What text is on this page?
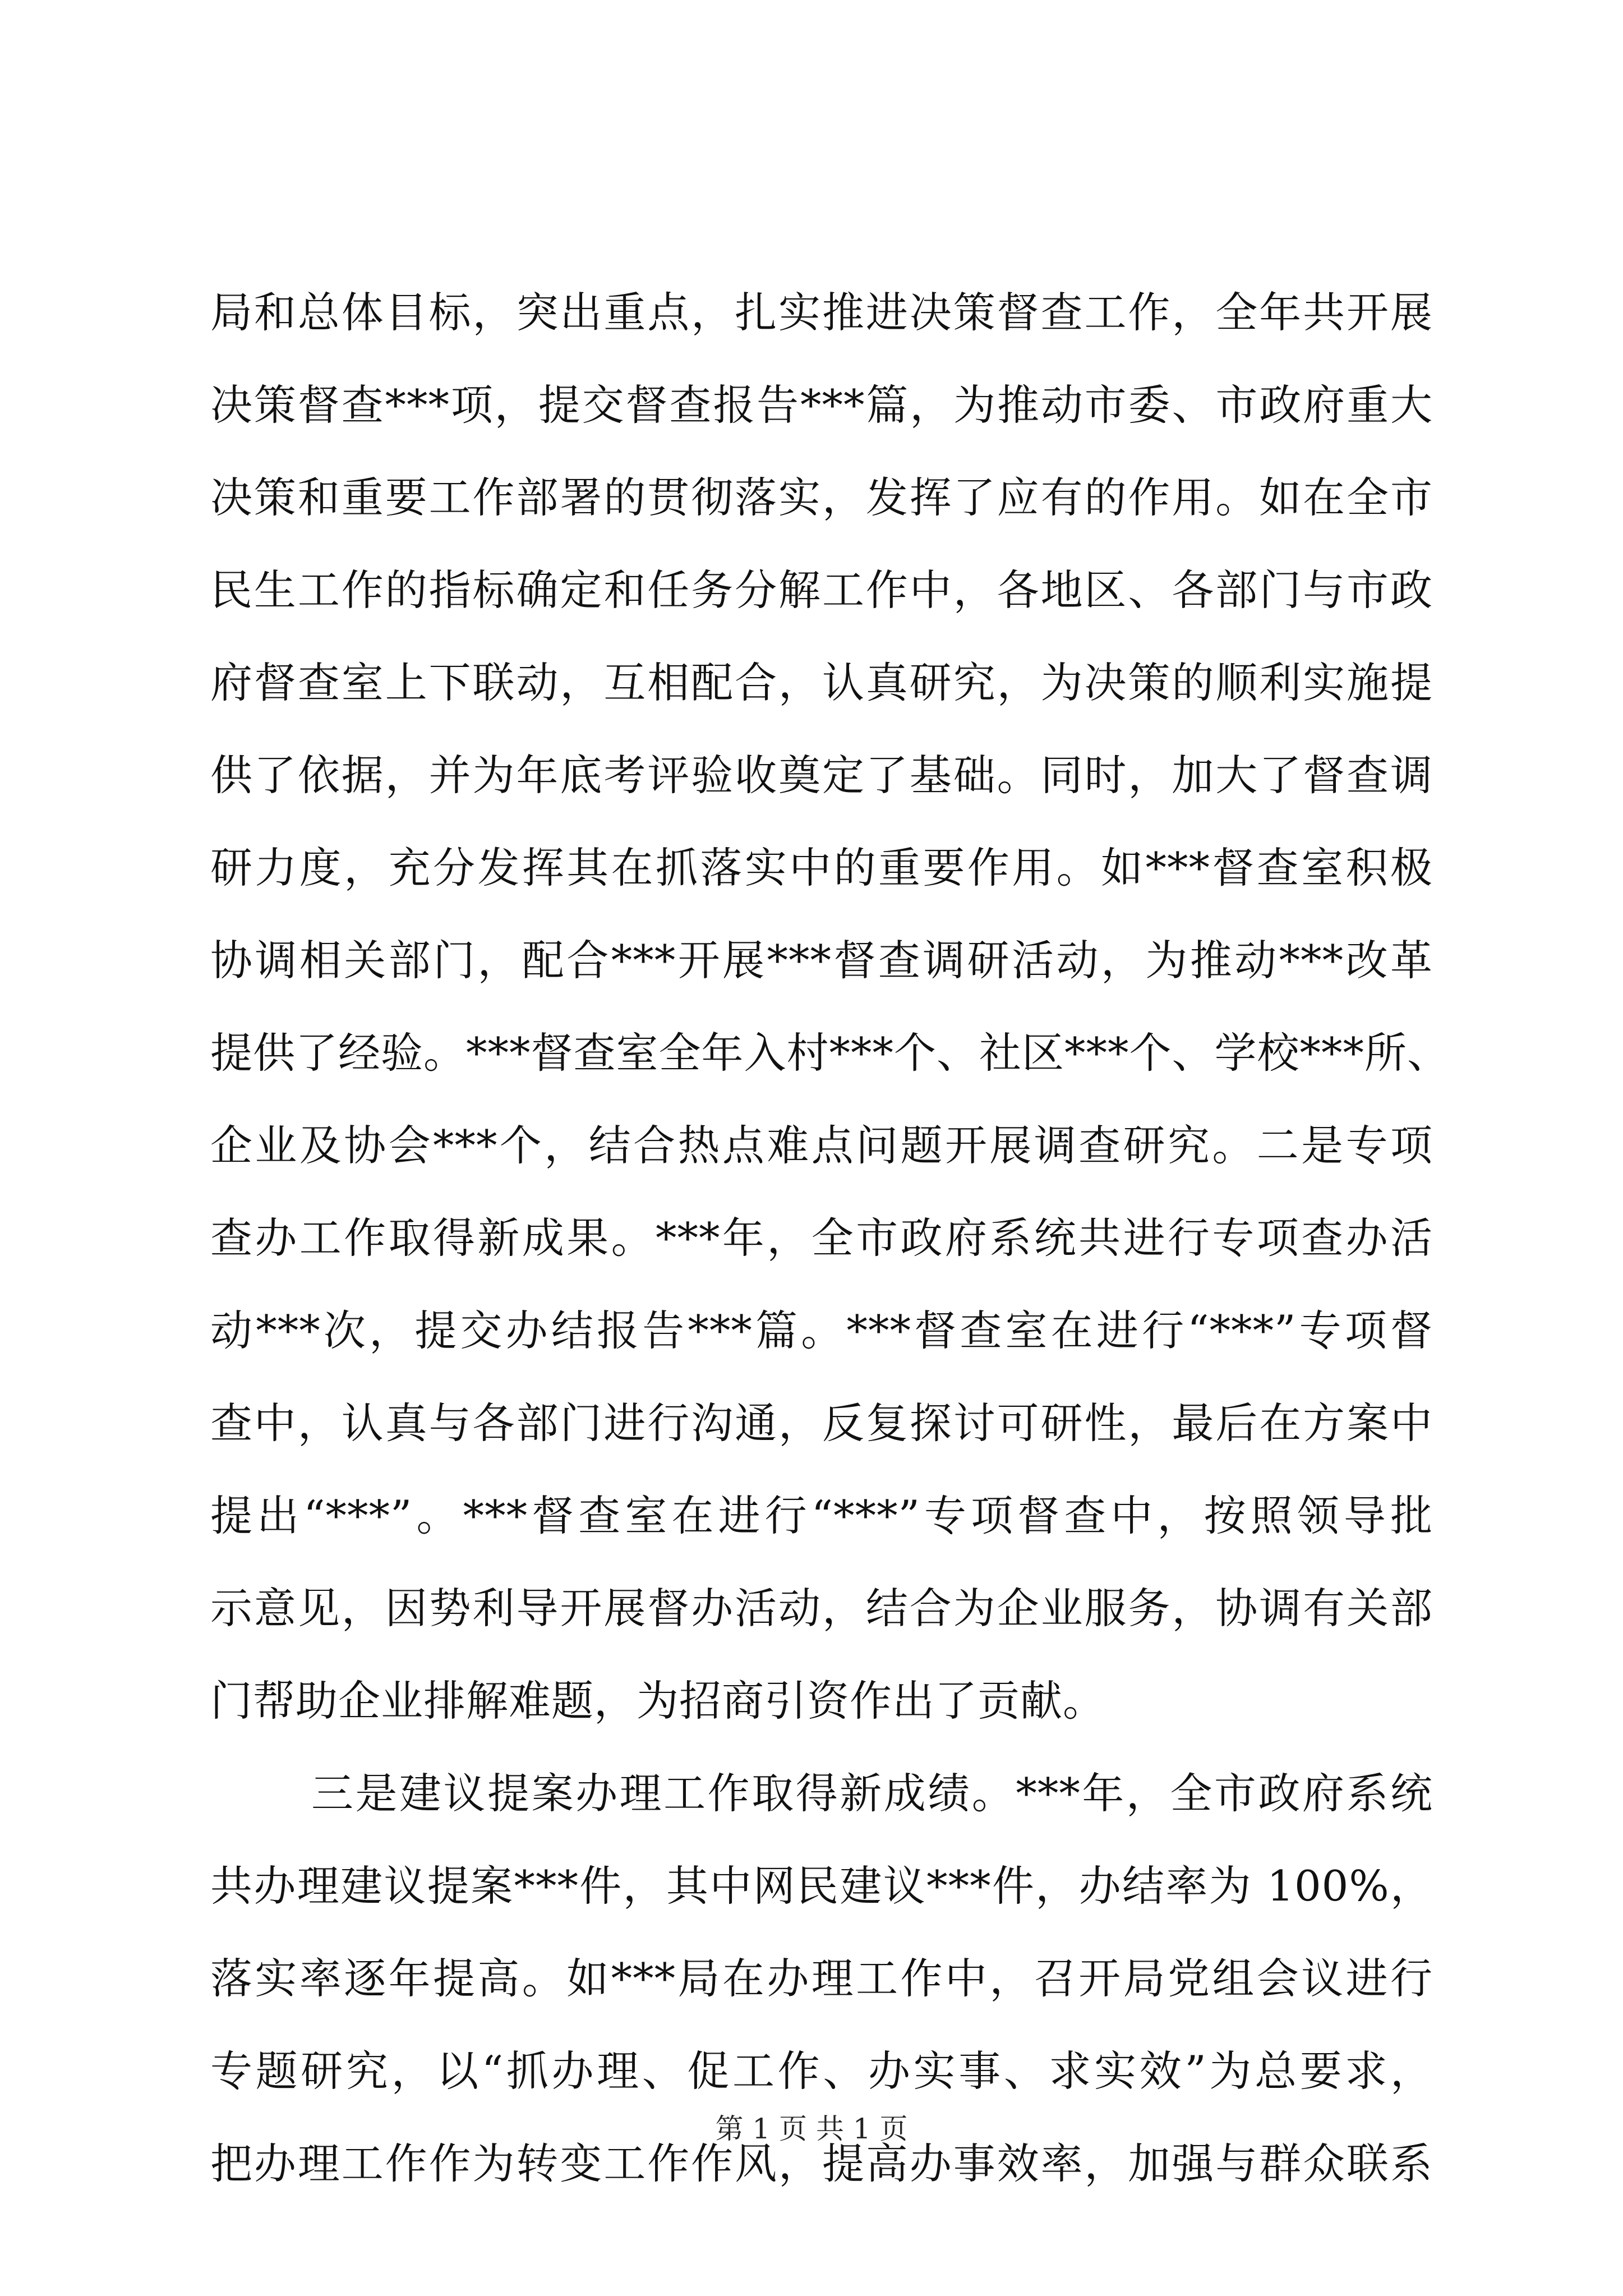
局和总体目标，突出重点，扎实推进决策督查工作，全年共开展
决策督查***项，提交督查报告***篇，为推动市委、市政府重大
决策和重要工作部署的贯彻落实，发挥了应有的作用。如在全市
民生工作的指标确定和任务分解工作中，各地区、各部门与市政
府督查室上下联动，互相配合，认真研究，为决策的顺利实施提
供了依据，并为年底考评验收奠定了基础。同时，加大了督查调
研力度，充分发挥其在抓落实中的重要作用。如***督查室积极
协调相关部门，配合***开展***督查调研活动，为推动***改革
提供了经验。***督查室全年入村***个、社区***个、学校***所、
企业及协会***个，结合热点难点问题开展调查研究。二是专项
查办工作取得新成果。***年，全市政府系统共进行专项查办活
动***次，提交办结报告***篇。***督查室在进行“***”专项督
查中，认真与各部门进行沟通，反复探讨可研性，最后在方案中
提出“***”。***督查室在进行“***”专项督查中，按照领导批
示意见，因势利导开展督办活动，结合为企业服务，协调有关部
门帮助企业排解难题，为招商引资作出了贡献。
三是建议提案办理工作取得新成绩。***年，全市政府系统
共办理建议提案***件，其中网民建议***件，办结率为 100%，
落实率逐年提高。如***局在办理工作中，召开局党组会议进行
专题研究，以“抓办理、促工作、办实事、求实效”为总要求，
把办理工作作为转变工作作风，提高办事效率，加强与群众联系
第 1 页 共 1 页
